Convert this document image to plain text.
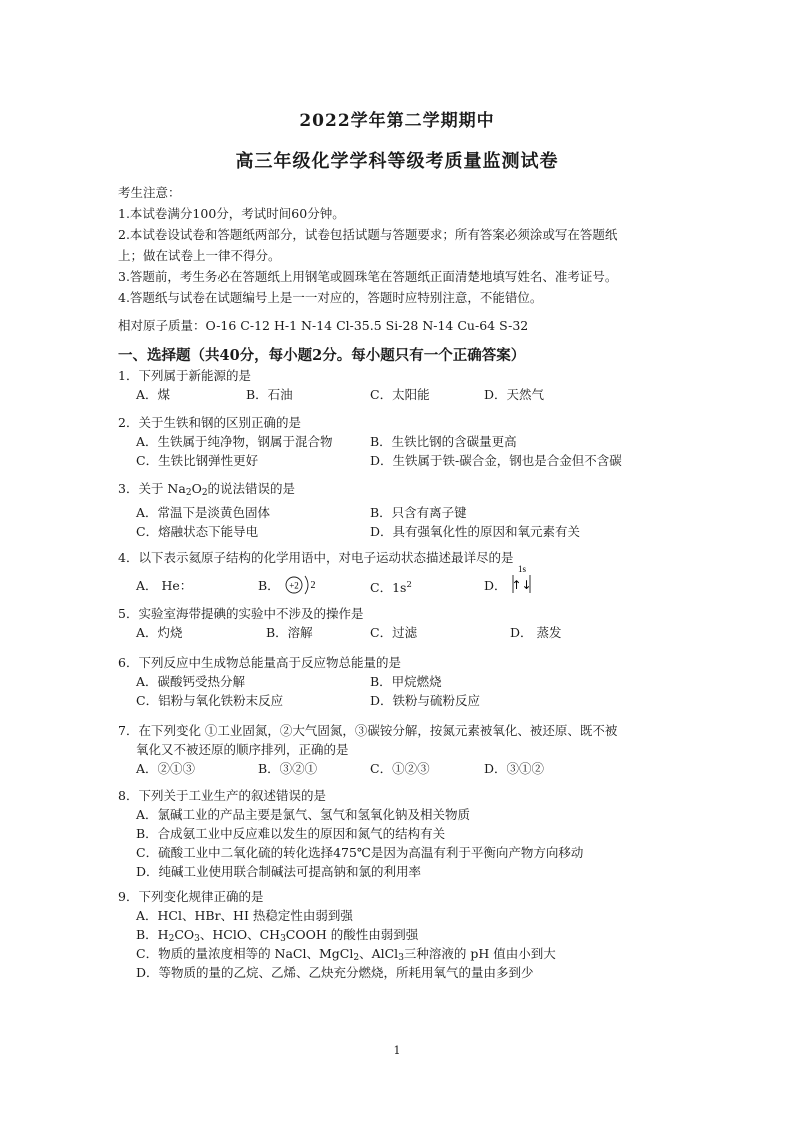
2022学年第二学期期中
高三年级化学学科等级考质量监测试卷
考生注意：
1.本试卷满分100分，考试时间60分钟。
2.本试卷设试卷和答题纸两部分，试卷包括试题与答题要求；所有答案必须涂或写在答题纸
上；做在试卷上一律不得分。
3.答题前，考生务必在答题纸上用钢笔或圆珠笔在答题纸正面清楚地填写姓名、准考证号。
4.答题纸与试卷在试题编号上是一一对应的，答题时应特别注意，不能错位。
相对原子质量：O-16 C-12 H-1 N-14 Cl-35.5 Si-28 N-14 Cu-64 S-32
一、选择题（共40分，每小题2分。每小题只有一个正确答案）
1．下列属于新能源的是
A．煤	B．石油	C．太阳能	D．天然气
2．关于生铁和钢的区别正确的是
A．生铁属于纯净物，钢属于混合物	B．生铁比钢的含碳量更高
C．生铁比钢弹性更好	D．生铁属于铁-碳合金，钢也是合金但不含碳
3．关于 $Na_2O_2$的说法错误的是
A．常温下是淡黄色固体	B．只含有离子键
C．熔融状态下能导电	D．具有强氧化性的原因和氧元素有关
4．以下表示氦原子结构的化学用语中，对电子运动状态描述最详尽的是
A． He：	B． +2 2	C．$1s^2$	D．
1s
↑↓
5．实验室海带提碘的实验中不涉及的操作是
A．灼烧	B．溶解	C．过滤	D． 蒸发
6．下列反应中生成物总能量高于反应物总能量的是
A．碳酸钙受热分解	B．甲烷燃烧
C．铝粉与氧化铁粉末反应	D．铁粉与硫粉反应
7．在下列变化 ①工业固氮，②大气固氮，③碳铵分解，按氮元素被氧化、被还原、既不被
氧化又不被还原的顺序排列，正确的是
A．②①③	B．③②①	C．①②③	D．③①②
8．下列关于工业生产的叙述错误的是
A．氯碱工业的产品主要是氯气、氢气和氢氧化钠及相关物质
B．合成氨工业中反应难以发生的原因和氮气的结构有关
C．硫酸工业中二氧化硫的转化选择475℃是因为高温有利于平衡向产物方向移动
D．纯碱工业使用联合制碱法可提高钠和氯的利用率
9．下列变化规律正确的是
A．HCl、HBr、HI 热稳定性由弱到强
B．$H_2CO_3$、HClO、$CH_3COOH$ 的酸性由弱到强
C．物质的量浓度相等的 NaCl、MgCl$_2$、AlCl$_3$三种溶液的 pH 值由小到大
D．等物质的量的乙烷、乙烯、乙炔充分燃烧，所耗用氧气的量由多到少
1
